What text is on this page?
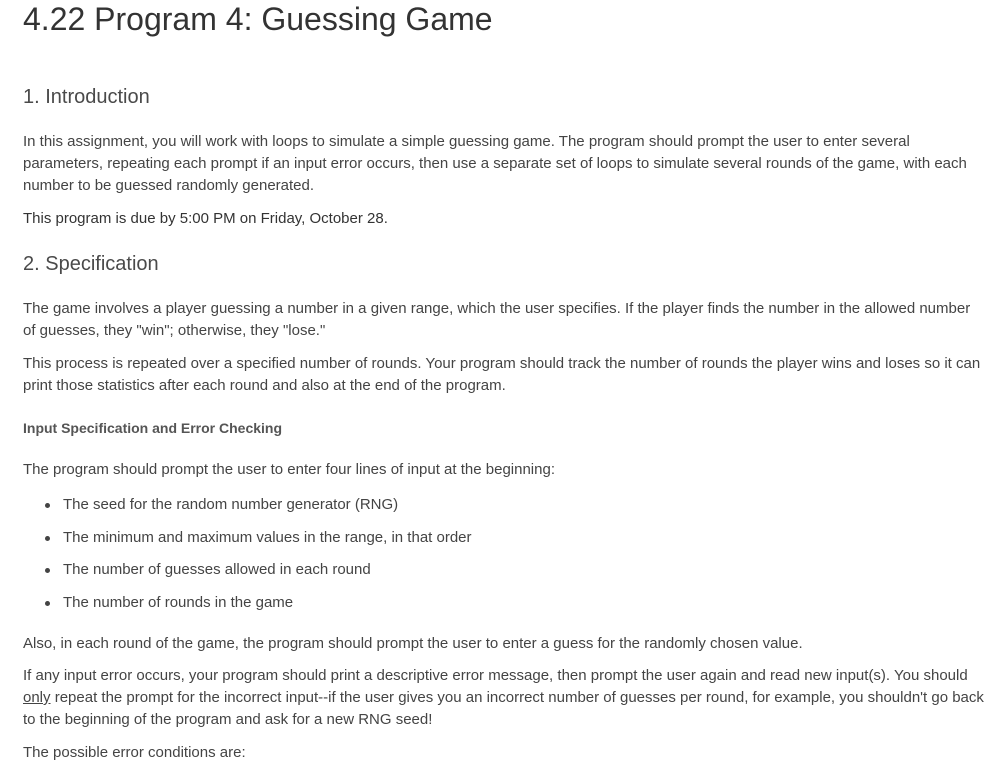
4.22 Program 4: Guessing Game
1. Introduction

In this assignment, you will work with loops to simulate a simple guessing game. The program should prompt the user to enter several parameters, repeating each prompt if an input error occurs, then use a separate set of loops to simulate several rounds of the game, with each number to be guessed randomly generated.

This program is due by 5:00 PM on Friday, October 28.

2. Specification

The game involves a player guessing a number in a given range, which the user specifies. If the player finds the number in the allowed number of guesses, they "win"; otherwise, they "lose."

This process is repeated over a specified number of rounds. Your program should track the number of rounds the player wins and loses so it can print those statistics after each round and also at the end of the program.

Input Specification and Error Checking

The program should prompt the user to enter four lines of input at the beginning:

The seed for the random number generator (RNG)
The minimum and maximum values in the range, in that order
The number of guesses allowed in each round
The number of rounds in the game

Also, in each round of the game, the program should prompt the user to enter a guess for the randomly chosen value.

If any input error occurs, your program should print a descriptive error message, then prompt the user again and read new input(s). You should only repeat the prompt for the incorrect input--if the user gives you an incorrect number of guesses per round, for example, you shouldn't go back to the beginning of the program and ask for a new RNG seed!

The possible error conditions are:
